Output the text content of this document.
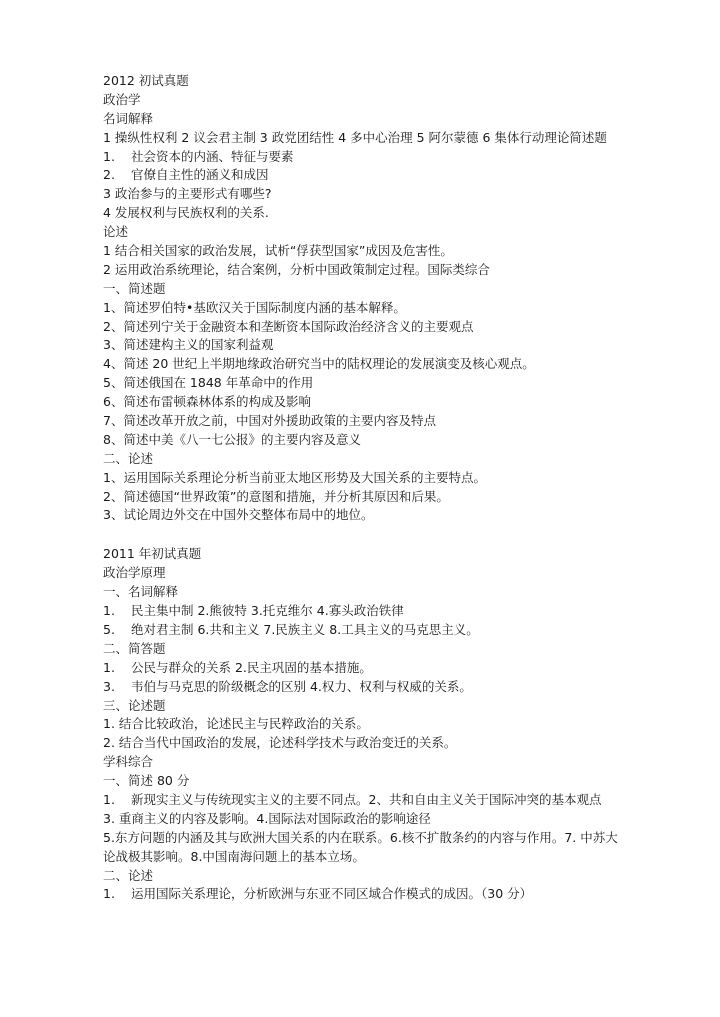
2012 初试真题
政治学
名词解释
1 操纵性权利 2 议会君主制 3 政党团结性 4 多中心治理 5 阿尔蒙德 6 集体行动理论简述题
1. 社会资本的内涵、特征与要素
2. 官僚自主性的涵义和成因
3 政治参与的主要形式有哪些?
4 发展权利与民族权利的关系.
论述
1 结合相关国家的政治发展，试析“俘获型国家”成因及危害性。
2 运用政治系统理论，结合案例，分析中国政策制定过程。国际类综合
一、简述题
1、简述罗伯特•基欧汉关于国际制度内涵的基本解释。
2、简述列宁关于金融资本和垄断资本国际政治经济含义的主要观点
3、简述建构主义的国家利益观
4、简述 20 世纪上半期地缘政治研究当中的陆权理论的发展演变及核心观点。
5、简述俄国在 1848 年革命中的作用
6、简述布雷顿森林体系的构成及影响
7、简述改革开放之前，中国对外援助政策的主要内容及特点
8、简述中美《八一七公报》的主要内容及意义
二、论述
1、运用国际关系理论分析当前亚太地区形势及大国关系的主要特点。
2、简述德国“世界政策”的意图和措施，并分析其原因和后果。
3、试论周边外交在中国外交整体布局中的地位。
2011 年初试真题
政治学原理
一、名词解释
1. 民主集中制 2.熊彼特 3.托克维尔 4.寡头政治铁律
5. 绝对君主制 6.共和主义 7.民族主义 8.工具主义的马克思主义。
二、简答题
1. 公民与群众的关系 2.民主巩固的基本措施。
3. 韦伯与马克思的阶级概念的区别 4.权力、权利与权威的关系。
三、论述题
1. 结合比较政治，论述民主与民粹政治的关系。
2. 结合当代中国政治的发展，论述科学技术与政治变迁的关系。
学科综合
一、简述 80 分
1. 新现实主义与传统现实主义的主要不同点。2、共和自由主义关于国际冲突的基本观点
3. 重商主义的内容及影响。4.国际法对国际政治的影响途径
5.东方问题的内涵及其与欧洲大国关系的内在联系。6.核不扩散条约的内容与作用。7. 中苏大论战极其影响。8.中国南海问题上的基本立场。
二、论述
1. 运用国际关系理论，分析欧洲与东亚不同区域合作模式的成因。（30 分）
